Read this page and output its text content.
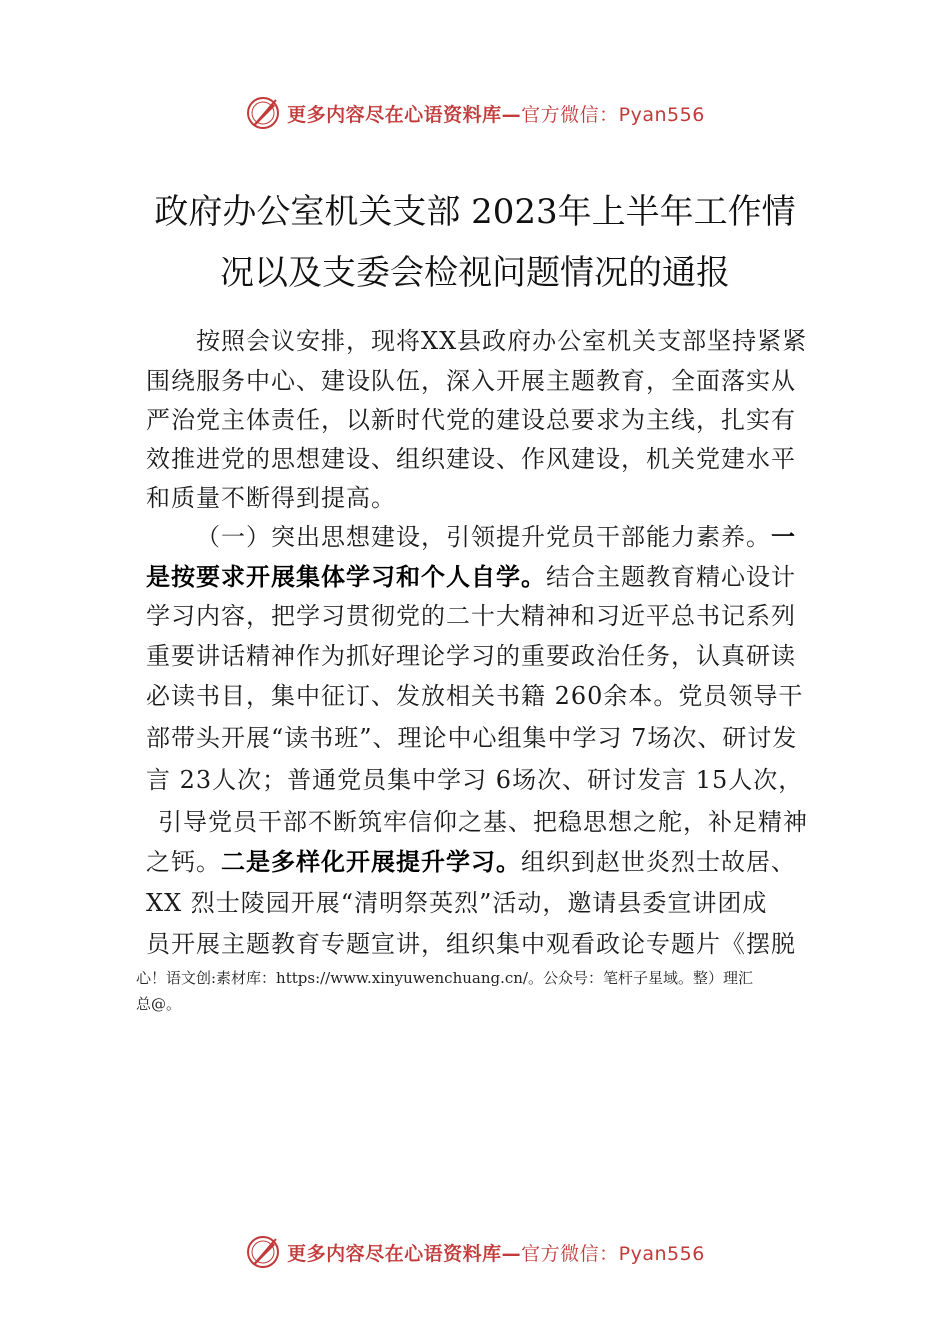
更多内容尽在心语资料库—官方微信：Pyan556
政府办公室机关支部 2023年上半年工作情
况以及支委会检视问题情况的通报
按照会议安排，现将XX县政府办公室机关支部坚持紧紧
围绕服务中心、建设队伍，深入开展主题教育，全面落实从
严治党主体责任，以新时代党的建设总要求为主线，扎实有
效推进党的思想建设、组织建设、作风建设，机关党建水平
和质量不断得到提高。
（一）突出思想建设，引领提升党员干部能力素养。一
是按要求开展集体学习和个人自学。结合主题教育精心设计
学习内容，把学习贯彻党的二十大精神和习近平总书记系列
重要讲话精神作为抓好理论学习的重要政治任务，认真研读
必读书目，集中征订、发放相关书籍 260余本。党员领导干
部带头开展“读书班”、理论中心组集中学习 7场次、研讨发
言 23人次；普通党员集中学习 6场次、研讨发言 15人次，
引导党员干部不断筑牢信仰之基、把稳思想之舵，补足精神
之钙。二是多样化开展提升学习。组织到赵世炎烈士故居、
XX 烈士陵园开展“清明祭英烈”活动，邀请县委宣讲团成
员开展主题教育专题宣讲，组织集中观看政论专题片《摆脱
心！语文创:素材库：https://www.xinyuwenchuang.cn/。公众号：笔杆子星域。整）理汇
总@。
更多内容尽在心语资料库—官方微信：Pyan556
